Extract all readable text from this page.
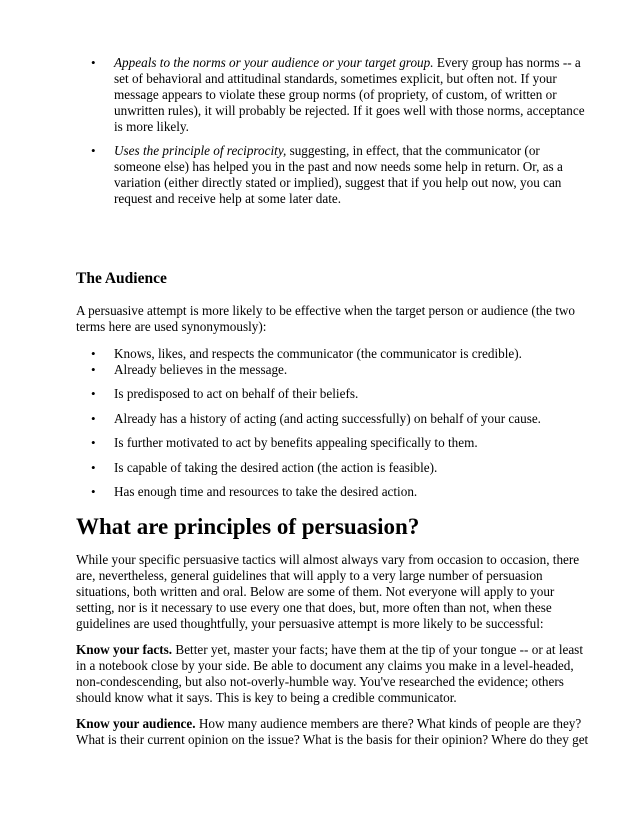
• Appeals to the norms or your audience or your target group. Every group has norms -- a
set of behavioral and attitudinal standards, sometimes explicit, but often not. If your
message appears to violate these group norms (of propriety, of custom, of written or
unwritten rules), it will probably be rejected. If it goes well with those norms, acceptance
is more likely.
• Uses the principle of reciprocity, suggesting, in effect, that the communicator (or
someone else) has helped you in the past and now needs some help in return. Or, as a
variation (either directly stated or implied), suggest that if you help out now, you can
request and receive help at some later date.
The Audience
A persuasive attempt is more likely to be effective when the target person or audience (the two
terms here are used synonymously):
• Knows, likes, and respects the communicator (the communicator is credible).
• Already believes in the message.
• Is predisposed to act on behalf of their beliefs.
• Already has a history of acting (and acting successfully) on behalf of your cause.
• Is further motivated to act by benefits appealing specifically to them.
• Is capable of taking the desired action (the action is feasible).
• Has enough time and resources to take the desired action.
What are principles of persuasion?
While your specific persuasive tactics will almost always vary from occasion to occasion, there
are, nevertheless, general guidelines that will apply to a very large number of persuasion
situations, both written and oral. Below are some of them. Not everyone will apply to your
setting, nor is it necessary to use every one that does, but, more often than not, when these
guidelines are used thoughtfully, your persuasive attempt is more likely to be successful:
Know your facts. Better yet, master your facts; have them at the tip of your tongue -- or at least
in a notebook close by your side. Be able to document any claims you make in a level-headed,
non-condescending, but also not-overly-humble way. You've researched the evidence; others
should know what it says. This is key to being a credible communicator.
Know your audience. How many audience members are there? What kinds of people are they?
What is their current opinion on the issue? What is the basis for their opinion? Where do they get
